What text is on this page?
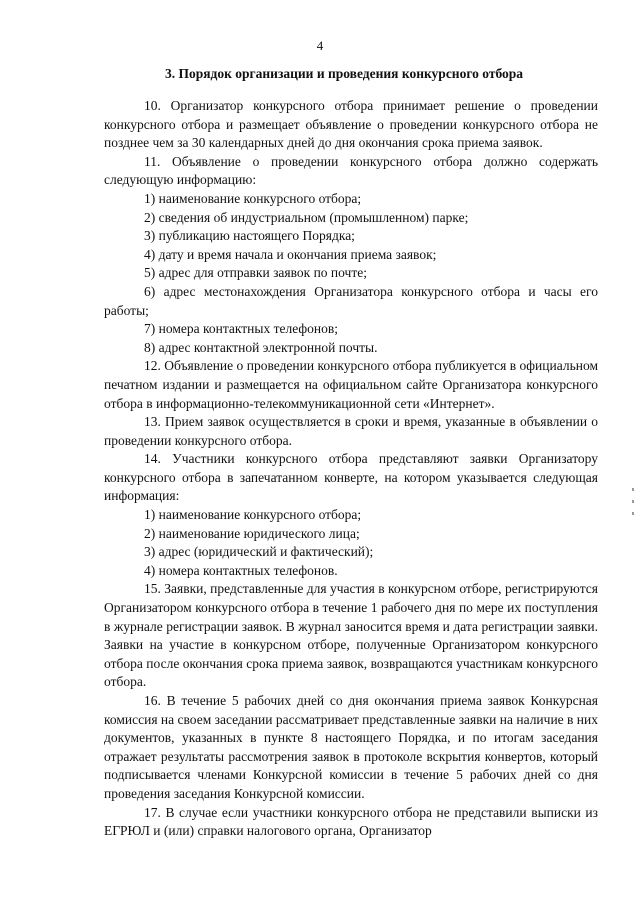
4
3. Порядок организации и проведения конкурсного отбора

10. Организатор конкурсного отбора принимает решение о проведении конкурсного отбора и размещает объявление о проведении конкурсного отбора не позднее чем за 30 календарных дней до дня окончания срока приема заявок.

11. Объявление о проведении конкурсного отбора должно содержать следующую информацию:

1) наименование конкурсного отбора;

2) сведения об индустриальном (промышленном) парке;

3) публикацию настоящего Порядка;

4) дату и время начала и окончания приема заявок;

5) адрес для отправки заявок по почте;

6) адрес местонахождения Организатора конкурсного отбора и часы его работы;

7) номера контактных телефонов;

8) адрес контактной электронной почты.

12. Объявление о проведении конкурсного отбора публикуется в официальном печатном издании и размещается на официальном сайте Организатора конкурсного отбора в информационно-телекоммуникационной сети «Интернет».

13. Прием заявок осуществляется в сроки и время, указанные в объявлении о проведении конкурсного отбора.

14. Участники конкурсного отбора представляют заявки Организатору конкурсного отбора в запечатанном конверте, на котором указывается следующая информация:

1) наименование конкурсного отбора;

2) наименование юридического лица;

3) адрес (юридический и фактический);

4) номера контактных телефонов.

15. Заявки, представленные для участия в конкурсном отборе, регистрируются Организатором конкурсного отбора в течение 1 рабочего дня по мере их поступления в журнале регистрации заявок. В журнал заносится время и дата регистрации заявки. Заявки на участие в конкурсном отборе, полученные Организатором конкурсного отбора после окончания срока приема заявок, возвращаются участникам конкурсного отбора.

16. В течение 5 рабочих дней со дня окончания приема заявок Конкурсная комиссия на своем заседании рассматривает представленные заявки на наличие в них документов, указанных в пункте 8 настоящего Порядка, и по итогам заседания отражает результаты рассмотрения заявок в протоколе вскрытия конвертов, который подписывается членами Конкурсной комиссии в течение 5 рабочих дней со дня проведения заседания Конкурсной комиссии.

17. В случае если участники конкурсного отбора не представили выписки из ЕГРЮЛ и (или) справки налогового органа, Организатор
